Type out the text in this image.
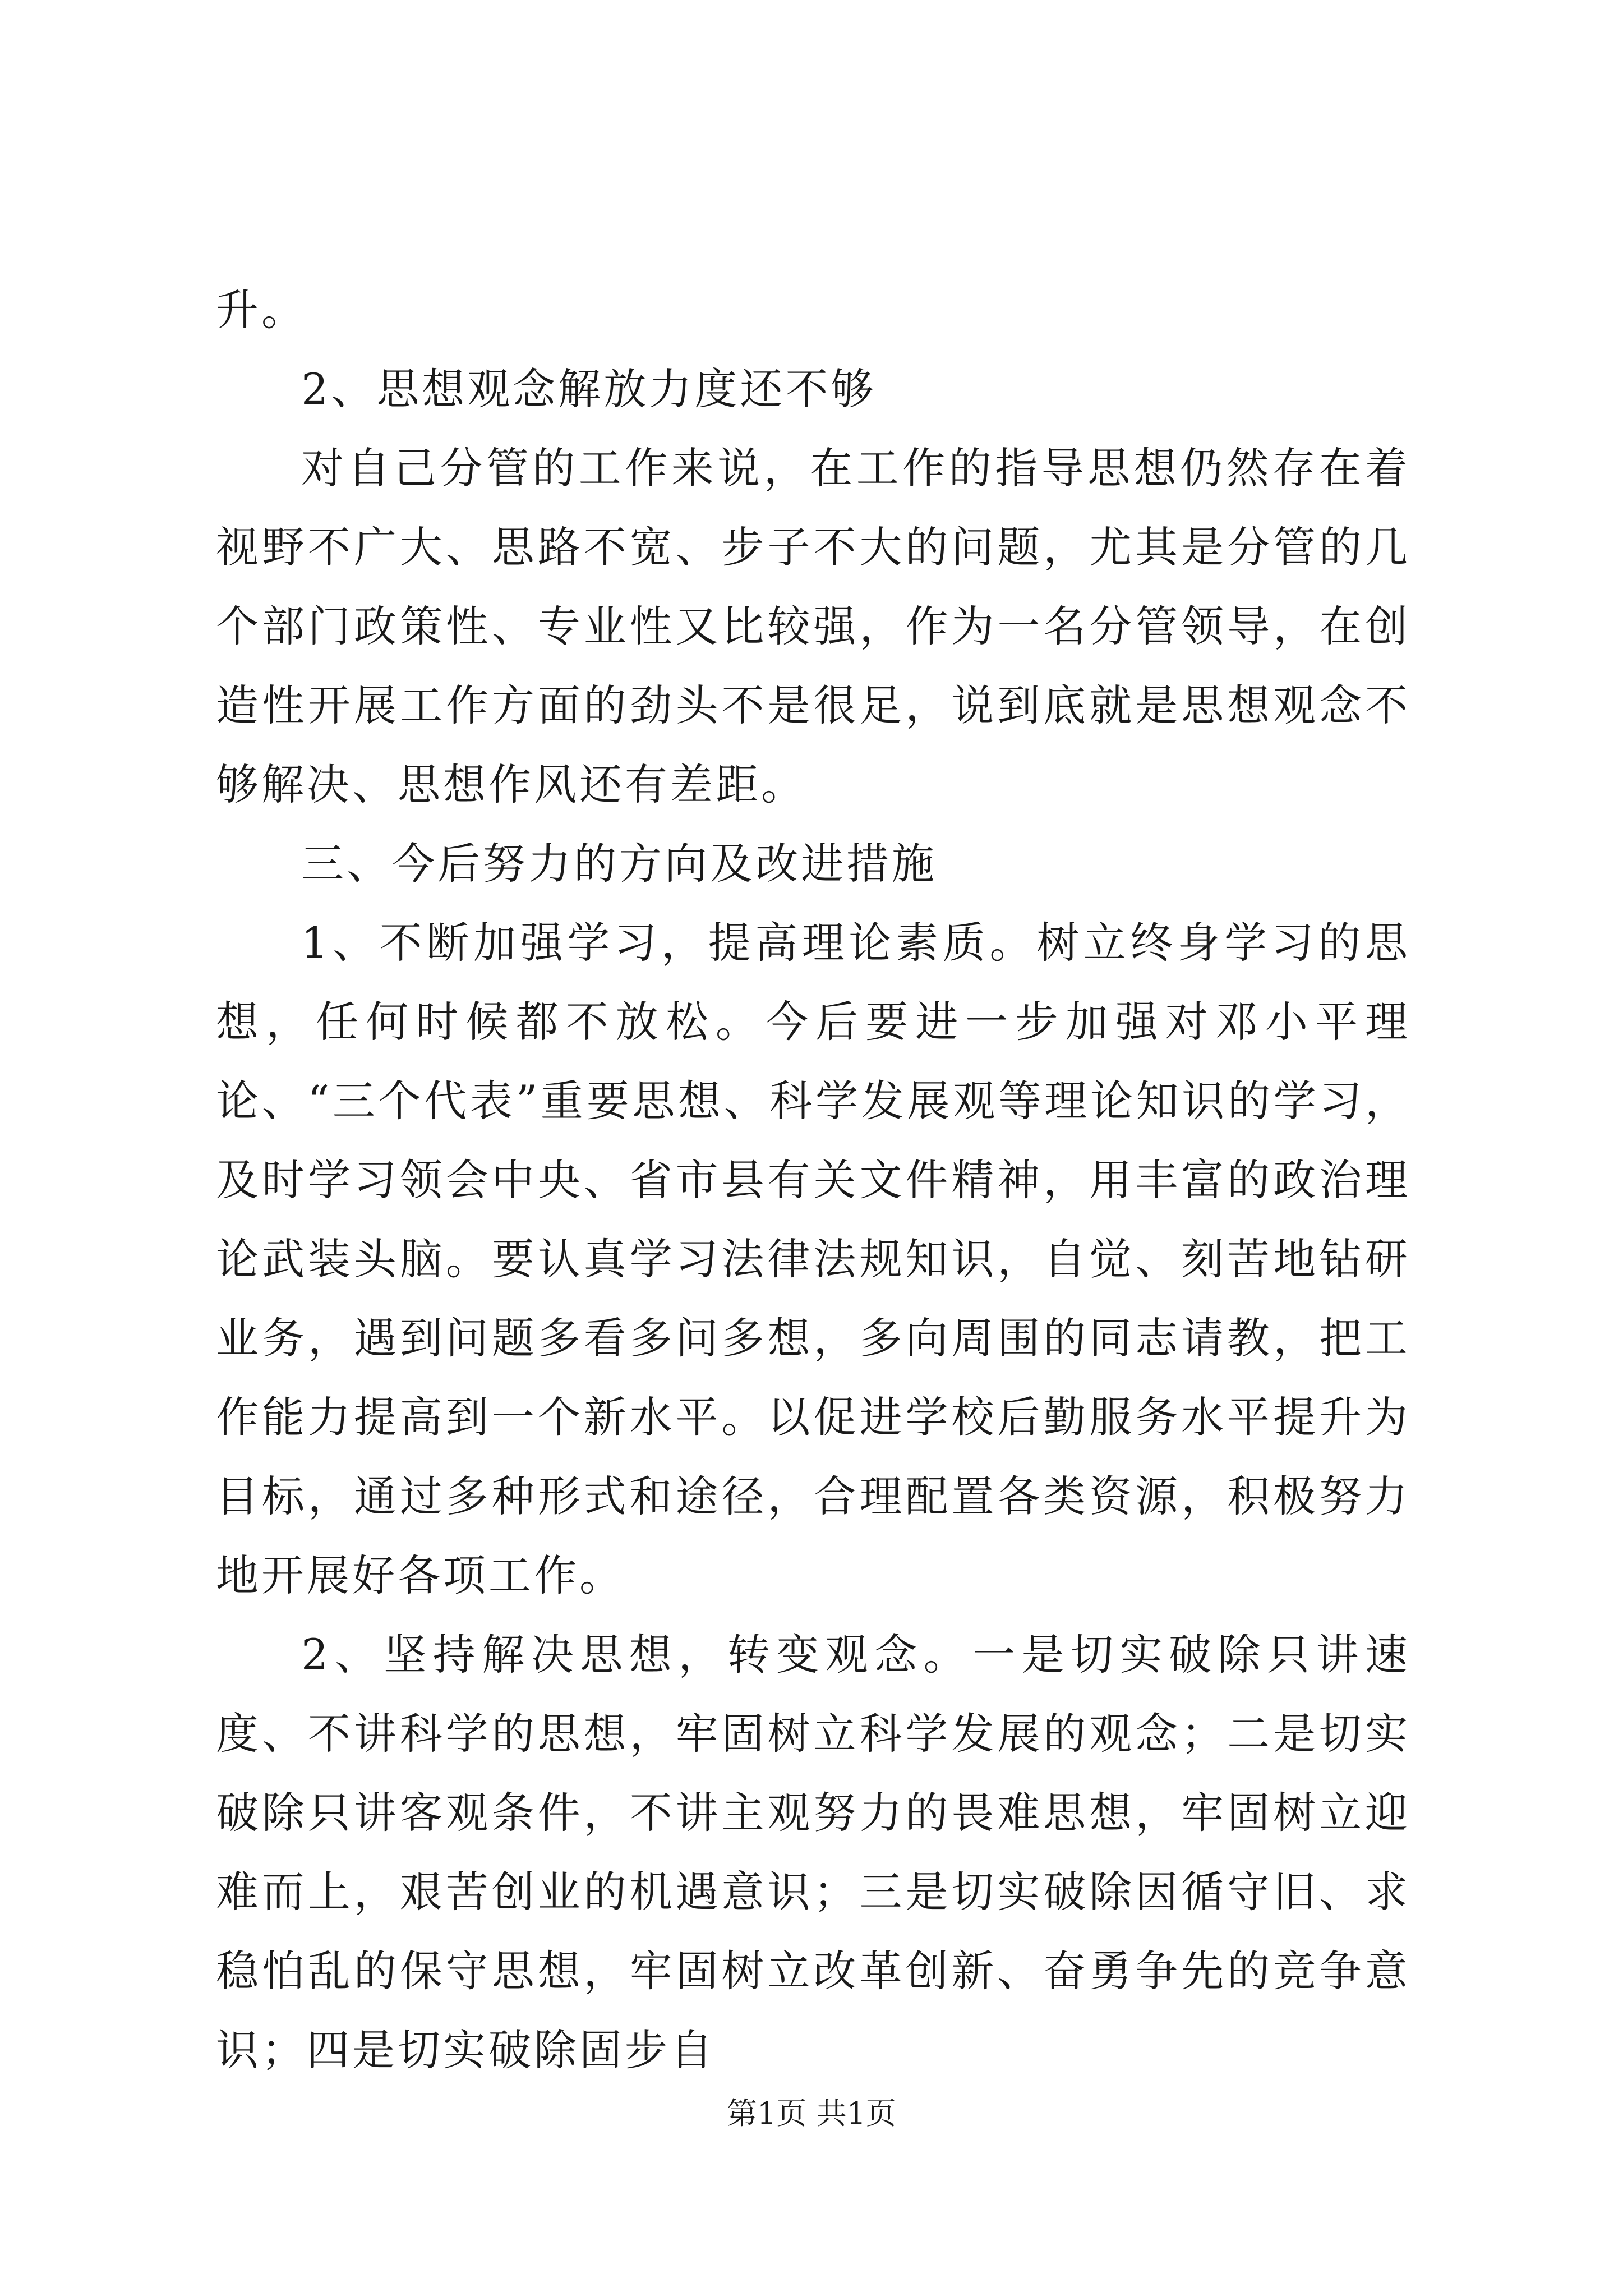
升。

2、思想观念解放力度还不够

对自己分管的工作来说，在工作的指导思想仍然存在着视野不广大、思路不宽、步子不大的问题，尤其是分管的几个部门政策性、专业性又比较强，作为一名分管领导，在创造性开展工作方面的劲头不是很足，说到底就是思想观念不够解决、思想作风还有差距。

三、今后努力的方向及改进措施

1、不断加强学习，提高理论素质。树立终身学习的思想，任何时候都不放松。今后要进一步加强对邓小平理论、“三个代表”重要思想、科学发展观等理论知识的学习，及时学习领会中央、省市县有关文件精神，用丰富的政治理论武装头脑。要认真学习法律法规知识，自觉、刻苦地钻研业务，遇到问题多看多问多想，多向周围的同志请教，把工作能力提高到一个新水平。以促进学校后勤服务水平提升为目标，通过多种形式和途径，合理配置各类资源，积极努力地开展好各项工作。

2、坚持解决思想，转变观念。一是切实破除只讲速度、不讲科学的思想，牢固树立科学发展的观念；二是切实破除只讲客观条件，不讲主观努力的畏难思想，牢固树立迎难而上，艰苦创业的机遇意识；三是切实破除因循守旧、求稳怕乱的保守思想，牢固树立改革创新、奋勇争先的竞争意识；四是切实破除固步自

第1页 共1页
